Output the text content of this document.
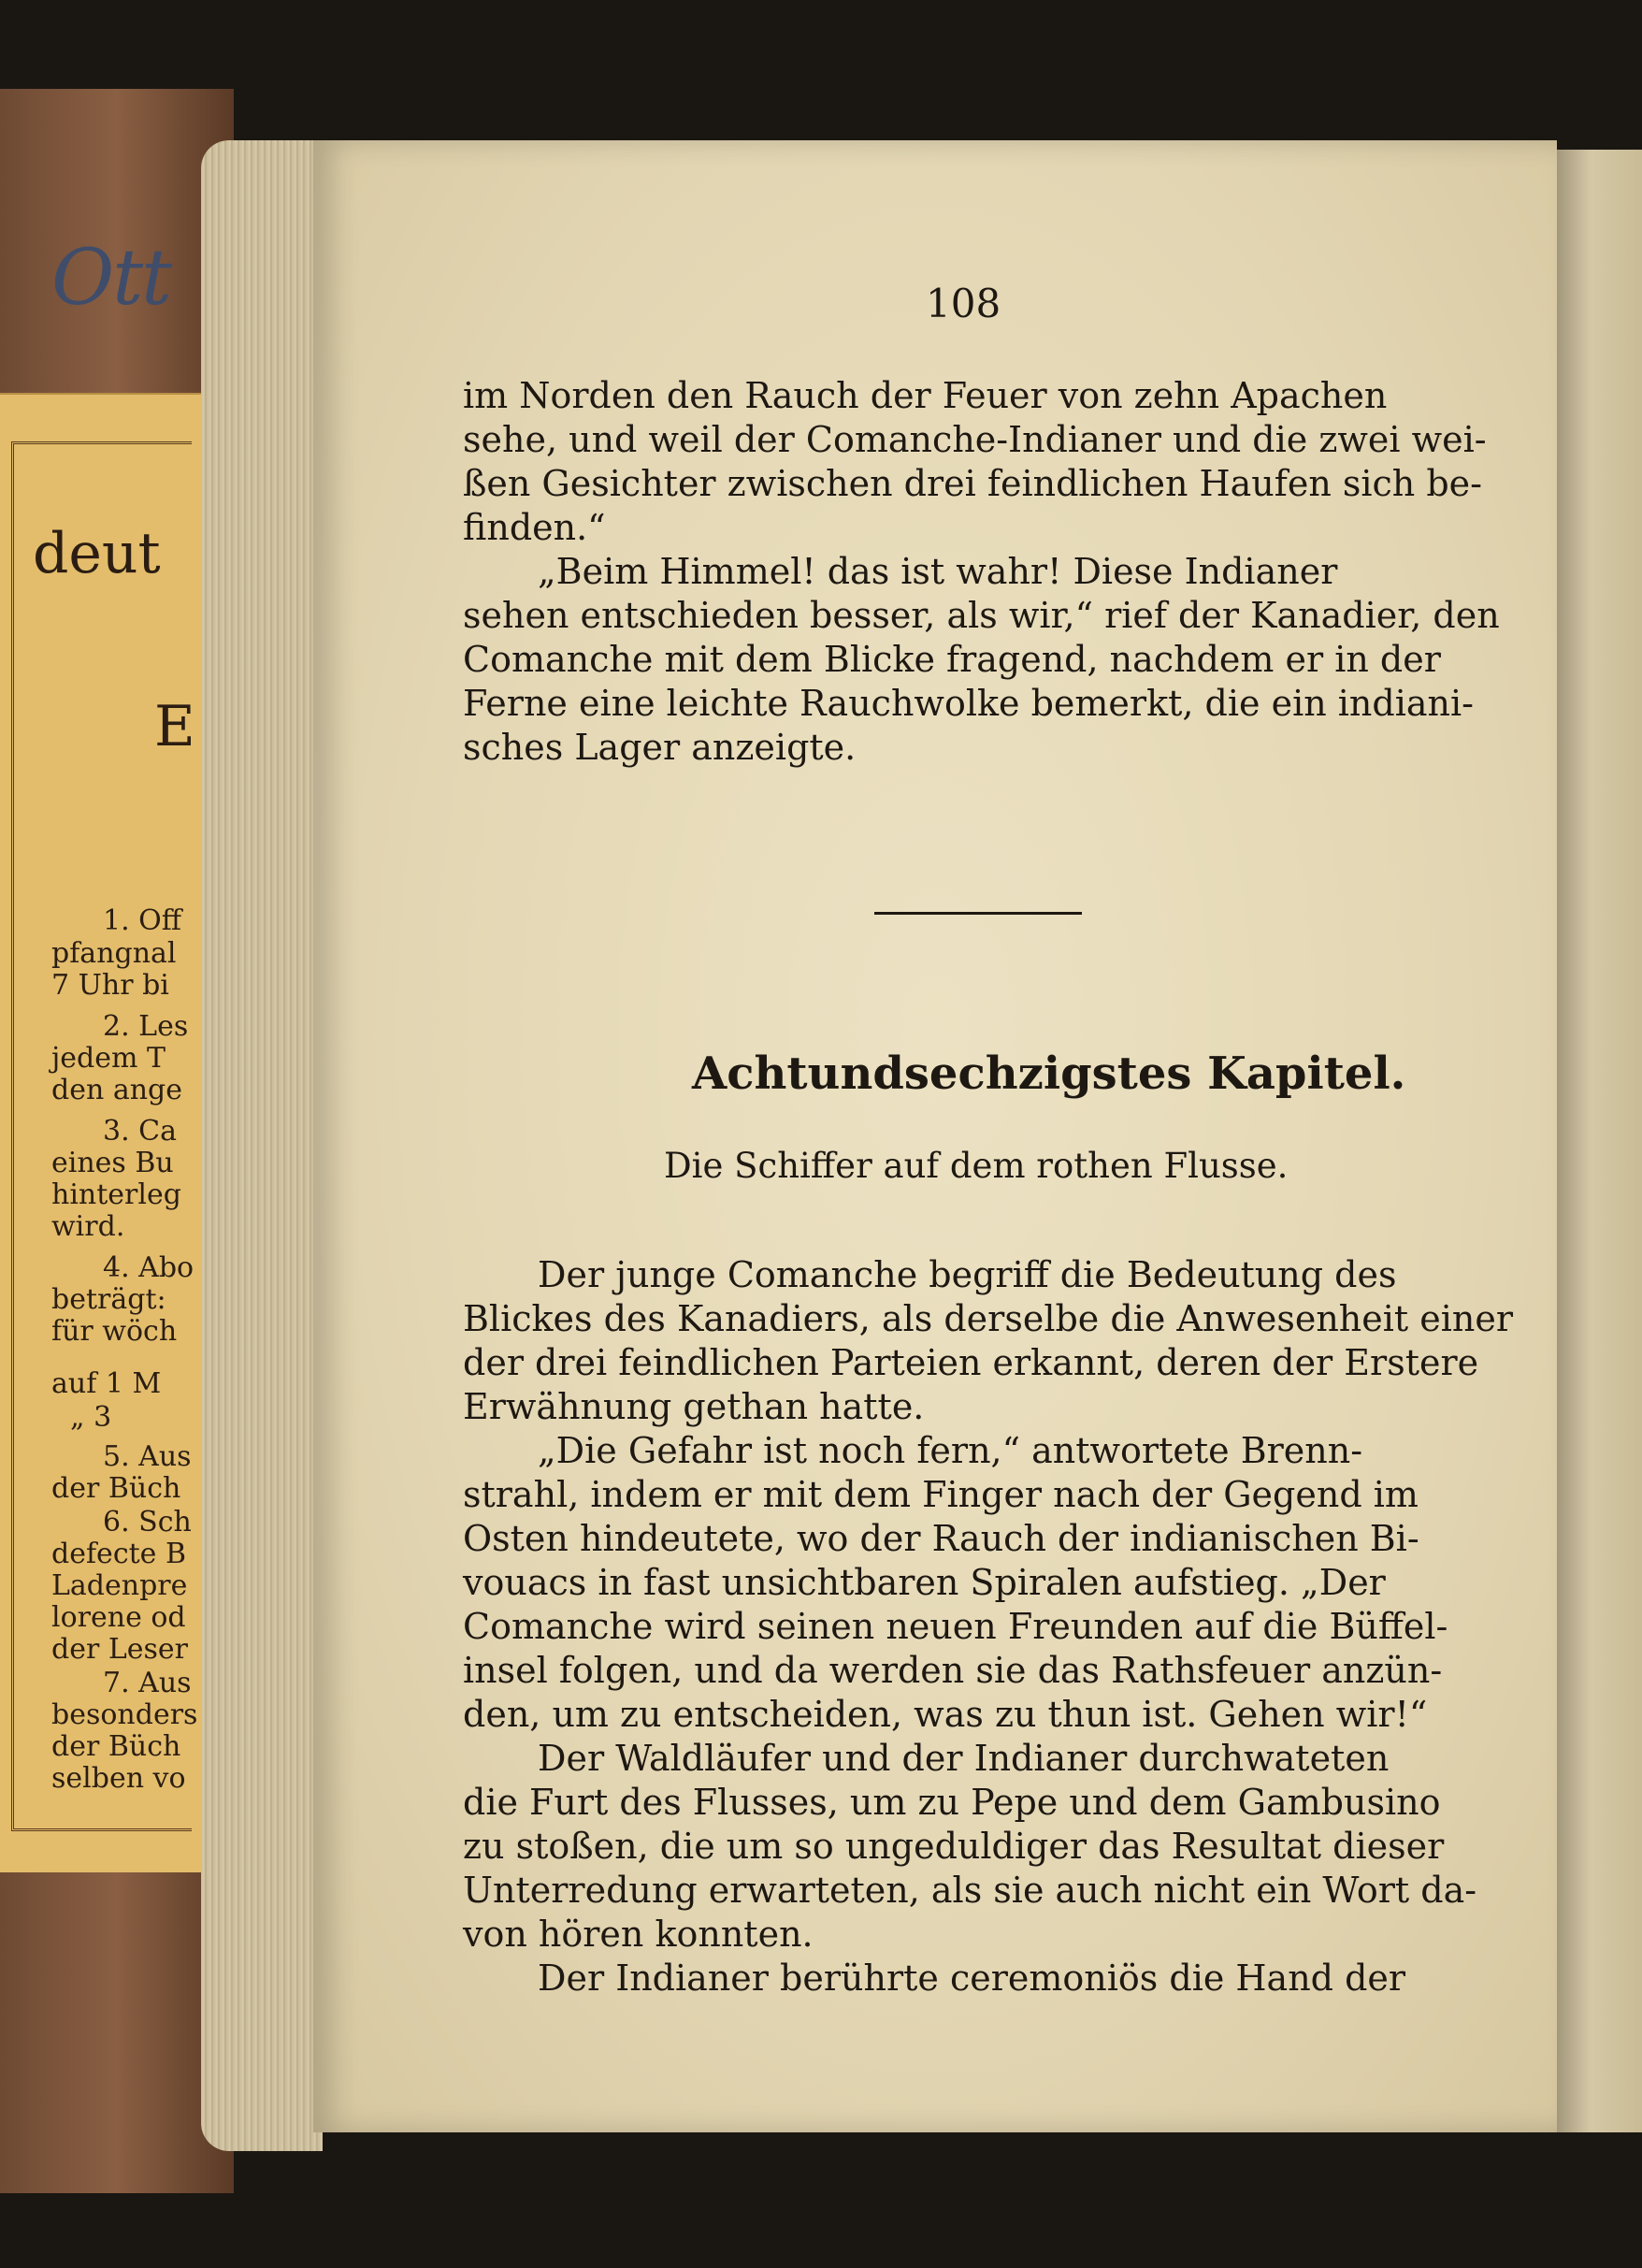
deut
E
1. Off
pfangnal
7 Uhr bi
2. Les
jedem T
den ange
3. Ca
eines Bu
hinterleg
wird.
4. Abo
beträgt:
für wöch
auf 1 M
„ 3
5. Aus
der Büch
6. Sch
defecte B
Ladenpre
lorene od
der Leser
7. Aus
besonders
der Büch
selben vo
Ott	108
im Norden den Rauch der Feuer von zehn Apachen
sehe, und weil der Comanche-Indianer und die zwei wei-
ßen Gesichter zwischen drei feindlichen Haufen sich be-
finden.“
„Beim Himmel! das ist wahr! Diese Indianer
sehen entschieden besser, als wir,“ rief der Kanadier, den
Comanche mit dem Blicke fragend, nachdem er in der
Ferne eine leichte Rauchwolke bemerkt, die ein indiani-
sches Lager anzeigte.
Achtundsechzigstes Kapitel.
Die Schiffer auf dem rothen Flusse.
Der junge Comanche begriff die Bedeutung des
Blickes des Kanadiers, als derselbe die Anwesenheit einer
der drei feindlichen Parteien erkannt, deren der Erstere
Erwähnung gethan hatte.
„Die Gefahr ist noch fern,“ antwortete Brenn-
strahl, indem er mit dem Finger nach der Gegend im
Osten hindeutete, wo der Rauch der indianischen Bi-
vouacs in fast unsichtbaren Spiralen aufstieg. „Der
Comanche wird seinen neuen Freunden auf die Büffel-
insel folgen, und da werden sie das Rathsfeuer anzün-
den, um zu entscheiden, was zu thun ist. Gehen wir!“
Der Waldläufer und der Indianer durchwateten
die Furt des Flusses, um zu Pepe und dem Gambusino
zu stoßen, die um so ungeduldiger das Resultat dieser
Unterredung erwarteten, als sie auch nicht ein Wort da-
von hören konnten.
Der Indianer berührte ceremoniös die Hand der
